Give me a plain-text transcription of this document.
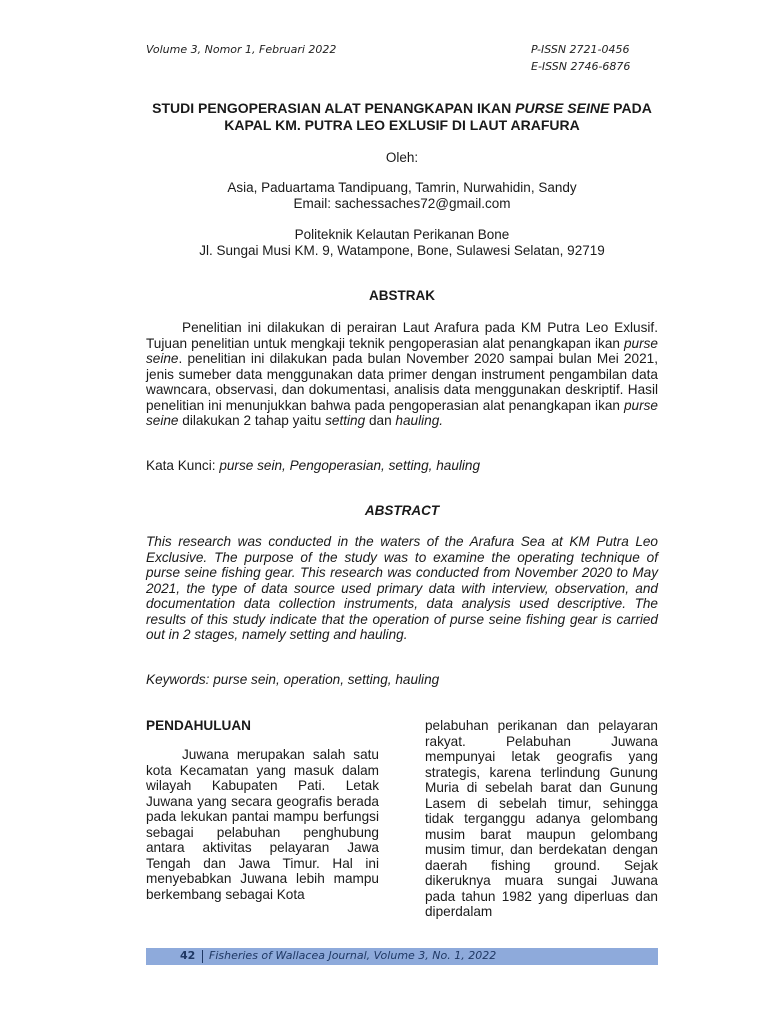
Volume 3, Nomor 1, Februari 2022	P-ISSN 2721-0456
E-ISSN 2746-6876
STUDI PENGOPERASIAN ALAT PENANGKAPAN IKAN PURSE SEINE PADA
KAPAL KM. PUTRA LEO EXLUSIF DI LAUT ARAFURA
Oleh:
Asia, Paduartama Tandipuang, Tamrin, Nurwahidin, Sandy
Email: sachessaches72@gmail.com
Politeknik Kelautan Perikanan Bone
Jl. Sungai Musi KM. 9, Watampone, Bone, Sulawesi Selatan, 92719
ABSTRAK

Penelitian ini dilakukan di perairan Laut Arafura pada KM Putra Leo Exlusif. Tujuan penelitian untuk mengkaji teknik pengoperasian alat penangkapan ikan purse seine. penelitian ini dilakukan pada bulan November 2020 sampai bulan Mei 2021, jenis sumeber data menggunakan data primer dengan instrument pengambilan data wawncara, observasi, dan dokumentasi, analisis data menggunakan deskriptif. Hasil penelitian ini menunjukkan bahwa pada pengoperasian alat penangkapan ikan purse seine dilakukan 2 tahap yaitu setting dan hauling.

Kata Kunci: purse sein, Pengoperasian, setting, hauling
ABSTRACT
This research was conducted in the waters of the Arafura Sea at KM Putra Leo Exclusive. The purpose of the study was to examine the operating technique of purse seine fishing gear. This research was conducted from November 2020 to May 2021, the type of data source used primary data with interview, observation, and documentation data collection instruments, data analysis used descriptive. The results of this study indicate that the operation of purse seine fishing gear is carried out in 2 stages, namely setting and hauling.
Keywords: purse sein, operation, setting, hauling
PENDAHULUAN
Juwana merupakan salah satu kota Kecamatan yang masuk dalam wilayah Kabupaten Pati. Letak Juwana yang secara geografis berada pada lekukan pantai mampu berfungsi sebagai pelabuhan penghubung antara aktivitas pelayaran Jawa Tengah dan Jawa Timur. Hal ini menyebabkan Juwana lebih mampu berkembang sebagai Kota
pelabuhan perikanan dan pelayaran rakyat. Pelabuhan Juwana mempunyai letak geografis yang strategis, karena terlindung Gunung Muria di sebelah barat dan Gunung Lasem di sebelah timur, sehingga tidak terganggu adanya gelombang musim barat maupun gelombang musim timur, dan berdekatan dengan daerah fishing ground. Sejak dikeruknya muara sungai Juwana pada tahun 1982 yang diperluas dan diperdalam
42 Fisheries of Wallacea Journal, Volume 3, No. 1, 2022
